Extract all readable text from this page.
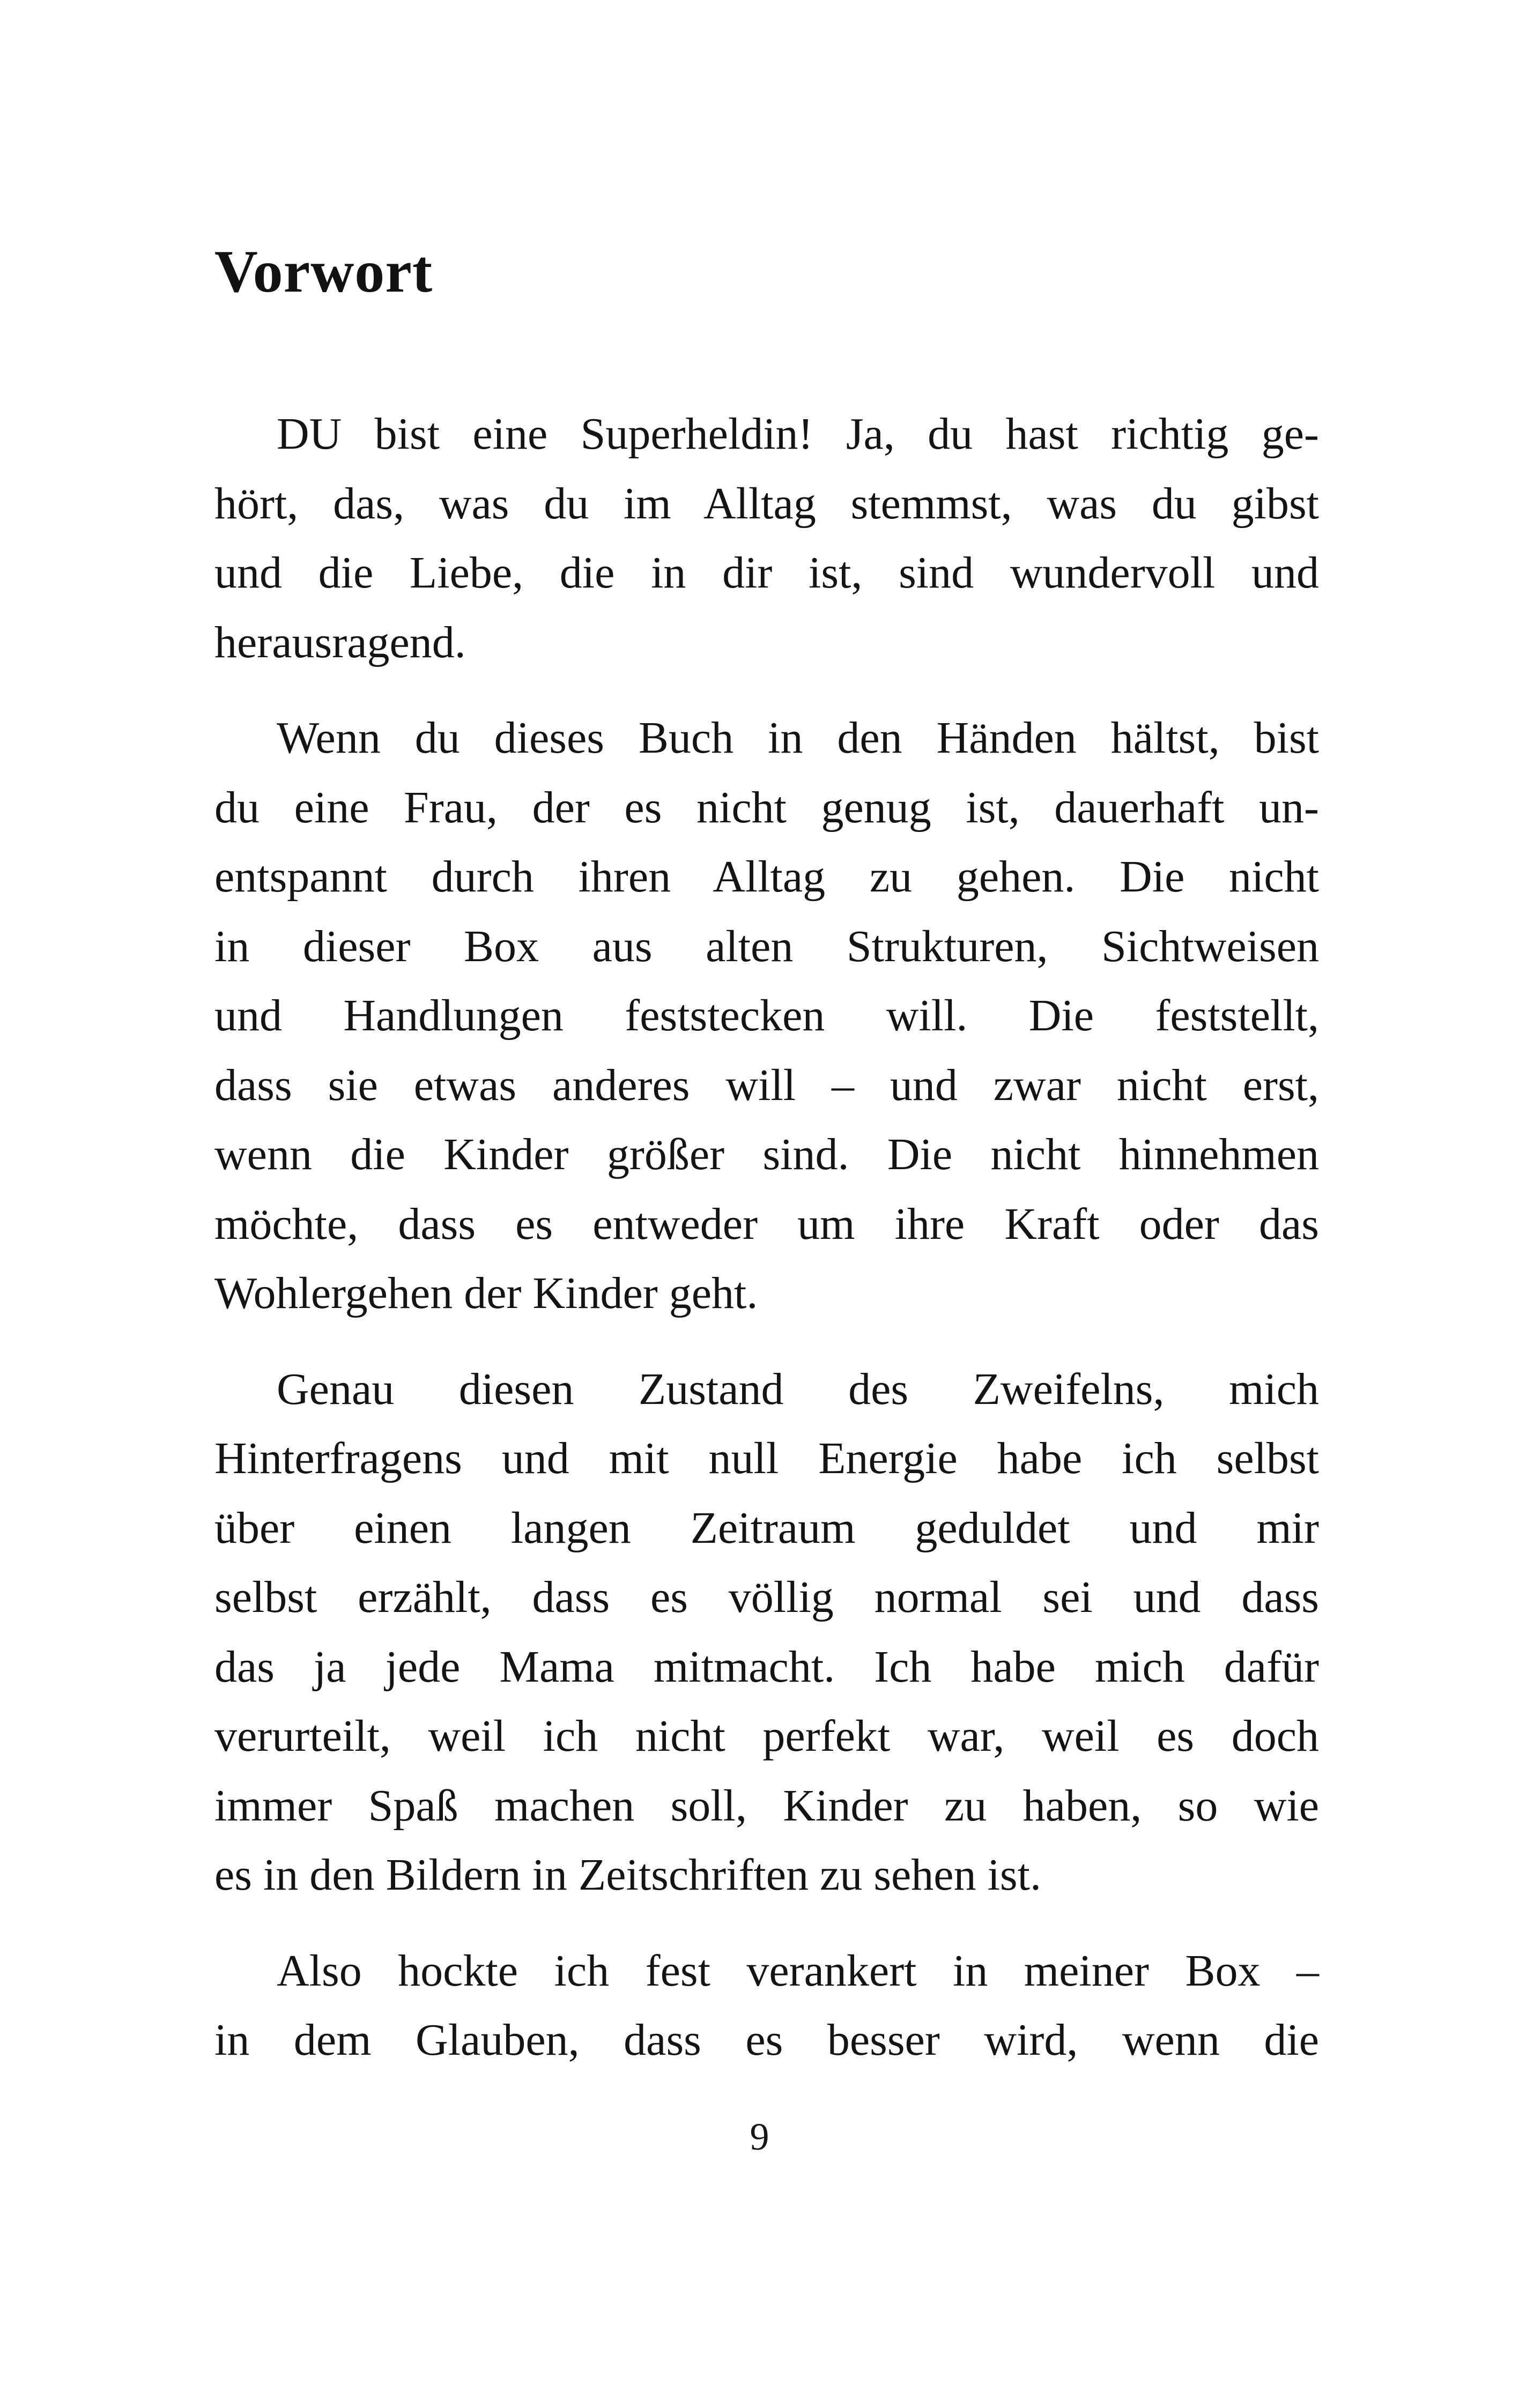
Vorwort

DU bist eine Superheldin! Ja, du hast richtig ge-
hört, das, was du im Alltag stemmst, was du gibst
und die Liebe, die in dir ist, sind wundervoll und
herausragend.

Wenn du dieses Buch in den Händen hältst, bist
du eine Frau, der es nicht genug ist, dauerhaft un-
entspannt durch ihren Alltag zu gehen. Die nicht
in dieser Box aus alten Strukturen, Sichtweisen
und Handlungen feststecken will. Die feststellt,
dass sie etwas anderes will – und zwar nicht erst,
wenn die Kinder größer sind. Die nicht hinnehmen
möchte, dass es entweder um ihre Kraft oder das
Wohlergehen der Kinder geht.

Genau diesen Zustand des Zweifelns, mich
Hinterfragens und mit null Energie habe ich selbst
über einen langen Zeitraum geduldet und mir
selbst erzählt, dass es völlig normal sei und dass
das ja jede Mama mitmacht. Ich habe mich dafür
verurteilt, weil ich nicht perfekt war, weil es doch
immer Spaß machen soll, Kinder zu haben, so wie
es in den Bildern in Zeitschriften zu sehen ist.

Also hockte ich fest verankert in meiner Box –
in dem Glauben, dass es besser wird, wenn die

9
